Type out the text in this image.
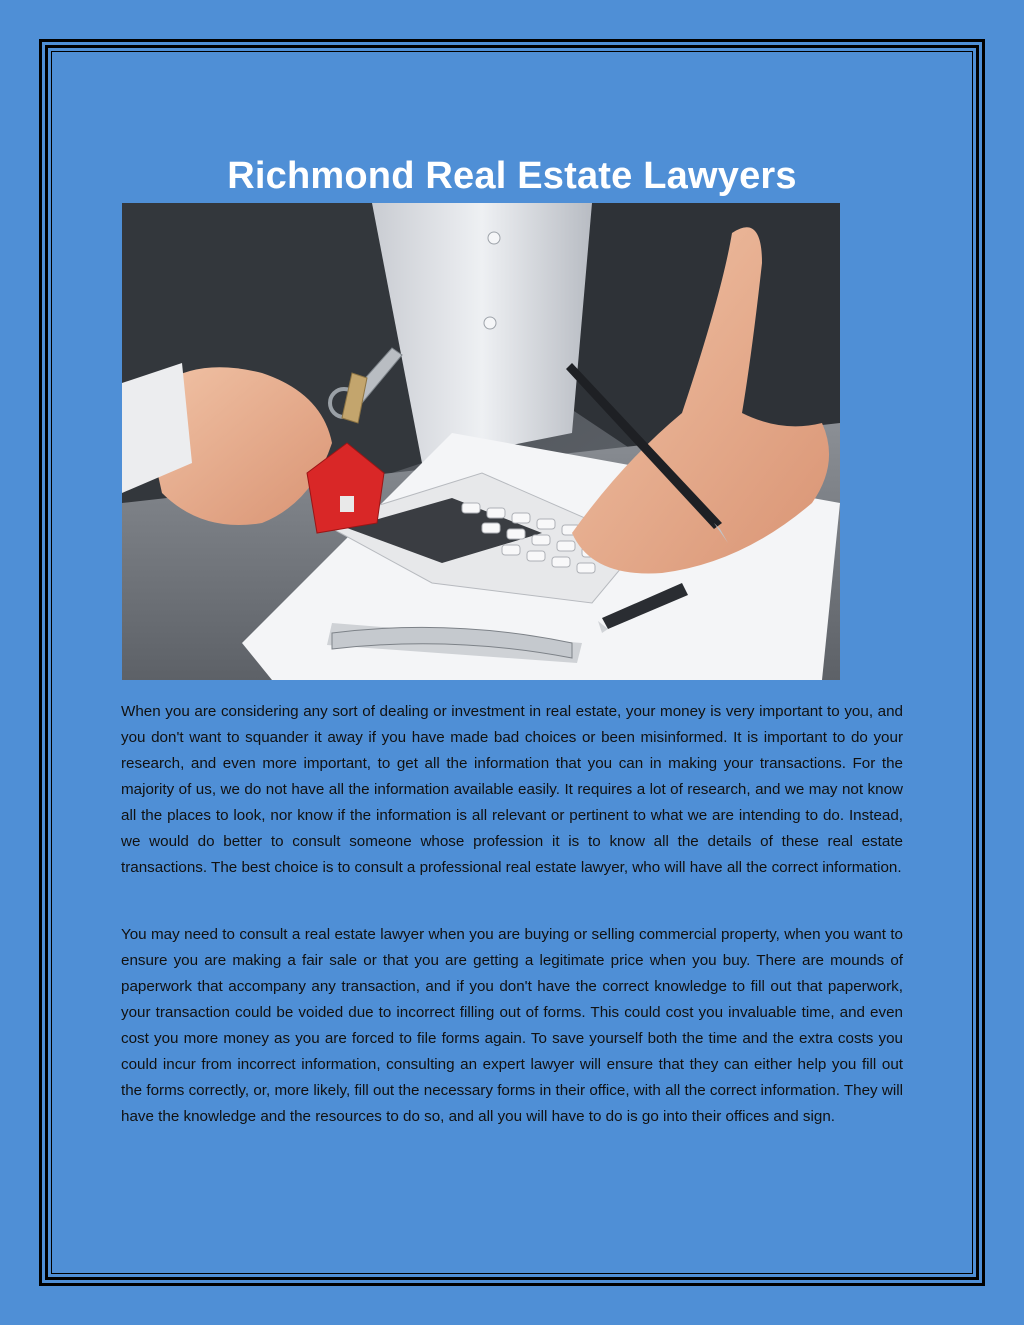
Richmond Real Estate Lawyers

When you are considering any sort of dealing or investment in real estate, your money is very important to you, and you don't want to squander it away if you have made bad choices or been misinformed. It is important to do your research, and even more important, to get all the information that you can in making your transactions. For the majority of us, we do not have all the information available easily. It requires a lot of research, and we may not know all the places to look, nor know if the information is all relevant or pertinent to what we are intending to do. Instead, we would do better to consult someone whose profession it is to know all the details of these real estate transactions. The best choice is to consult a professional real estate lawyer, who will have all the correct information.

You may need to consult a real estate lawyer when you are buying or selling commercial property, when you want to ensure you are making a fair sale or that you are getting a legitimate price when you buy. There are mounds of paperwork that accompany any transaction, and if you don't have the correct knowledge to fill out that paperwork, your transaction could be voided due to incorrect filling out of forms. This could cost you invaluable time, and even cost you more money as you are forced to file forms again. To save yourself both the time and the extra costs you could incur from incorrect information, consulting an expert lawyer will ensure that they can either help you fill out the forms correctly, or, more likely, fill out the necessary forms in their office, with all the correct information. They will have the knowledge and the resources to do so, and all you will have to do is go into their offices and sign.
